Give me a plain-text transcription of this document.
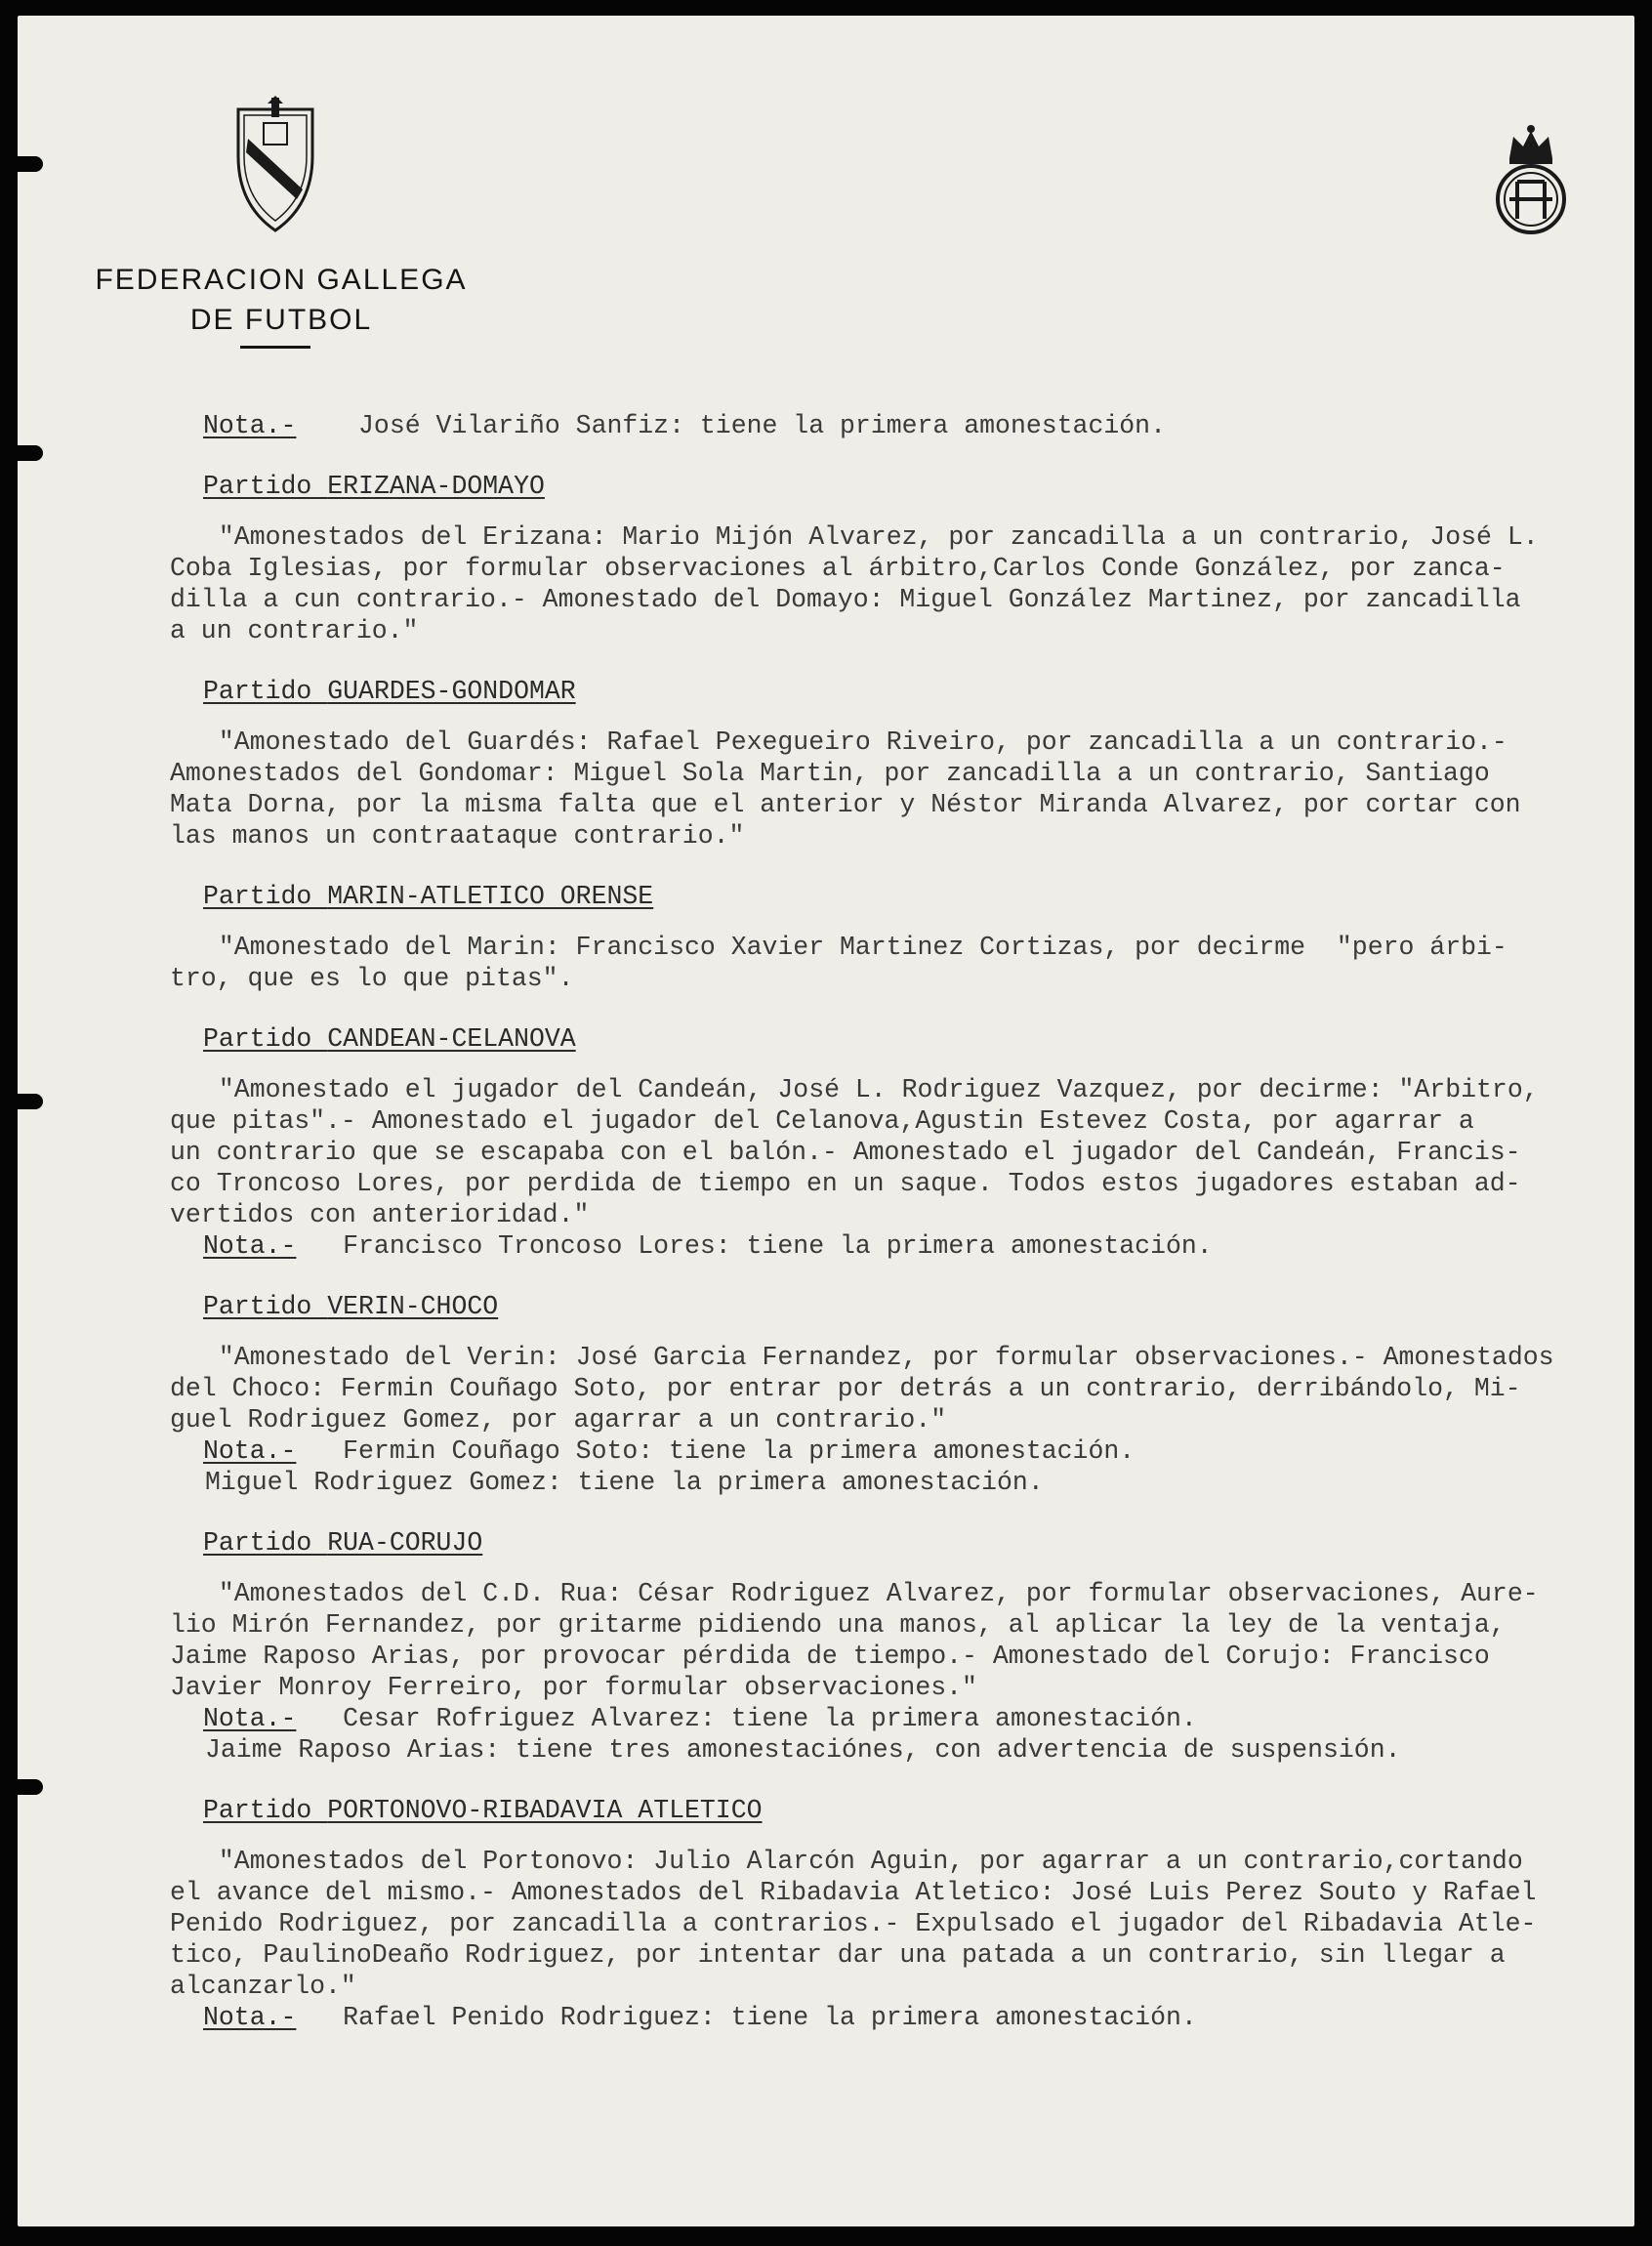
FEDERACION GALLEGA
DE FUTBOL
Nota.-    José Vilariño Sanfiz: tiene la primera amonestación.
Partido ERIZANA-DOMAYO
"Amonestados del Erizana: Mario Mijón Alvarez, por zancadilla a un contrario, José L.
Coba Iglesias, por formular observaciones al árbitro,Carlos Conde González, por zanca-
dilla a cun contrario.- Amonestado del Domayo: Miguel González Martinez, por zancadilla
a un contrario."
Partido GUARDES-GONDOMAR
"Amonestado del Guardés: Rafael Pexegueiro Riveiro, por zancadilla a un contrario.-
Amonestados del Gondomar: Miguel Sola Martin, por zancadilla a un contrario, Santiago
Mata Dorna, por la misma falta que el anterior y Néstor Miranda Alvarez, por cortar con
las manos un contraataque contrario."
Partido MARIN-ATLETICO ORENSE
"Amonestado del Marin: Francisco Xavier Martinez Cortizas, por decirme  "pero árbi-
tro, que es lo que pitas".
Partido CANDEAN-CELANOVA
"Amonestado el jugador del Candeán, José L. Rodriguez Vazquez, por decirme: "Arbitro,
que pitas".- Amonestado el jugador del Celanova,Agustin Estevez Costa, por agarrar a
un contrario que se escapaba con el balón.- Amonestado el jugador del Candeán, Francis-
co Troncoso Lores, por perdida de tiempo en un saque. Todos estos jugadores estaban ad-
vertidos con anterioridad."
Nota.-   Francisco Troncoso Lores: tiene la primera amonestación.
Partido VERIN-CHOCO
"Amonestado del Verin: José Garcia Fernandez, por formular observaciones.- Amonestados
del Choco: Fermin Couñago Soto, por entrar por detrás a un contrario, derribándolo, Mi-
guel Rodriguez Gomez, por agarrar a un contrario."
Nota.-   Fermin Couñago Soto: tiene la primera amonestación.
Miguel Rodriguez Gomez: tiene la primera amonestación.
Partido RUA-CORUJO
"Amonestados del C.D. Rua: César Rodriguez Alvarez, por formular observaciones, Aure-
lio Mirón Fernandez, por gritarme pidiendo una manos, al aplicar la ley de la ventaja,
Jaime Raposo Arias, por provocar pérdida de tiempo.- Amonestado del Corujo: Francisco
Javier Monroy Ferreiro, por formular observaciones."
Nota.-   Cesar Rofriguez Alvarez: tiene la primera amonestación.
Jaime Raposo Arias: tiene tres amonestaciónes, con advertencia de suspensión.
Partido PORTONOVO-RIBADAVIA ATLETICO
"Amonestados del Portonovo: Julio Alarcón Aguin, por agarrar a un contrario,cortando
el avance del mismo.- Amonestados del Ribadavia Atletico: José Luis Perez Souto y Rafael
Penido Rodriguez, por zancadilla a contrarios.- Expulsado el jugador del Ribadavia Atle-
tico, PaulinoDeaño Rodriguez, por intentar dar una patada a un contrario, sin llegar a
alcanzarlo."
Nota.-   Rafael Penido Rodriguez: tiene la primera amonestación.
